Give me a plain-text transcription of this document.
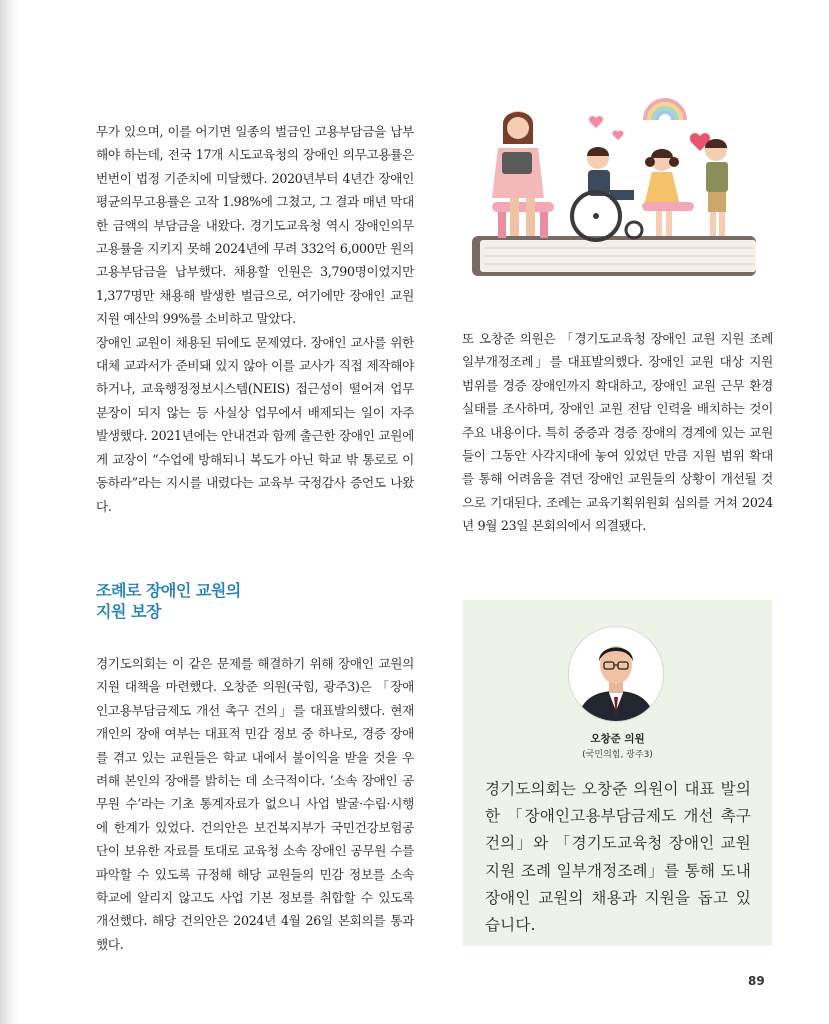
무가 있으며, 이를 어기면 일종의 벌금인 고용부담금을 납부해야 하는데, 전국 17개 시도교육청의 장애인 의무고용률은 번번이 법정 기준치에 미달했다. 2020년부터 4년간 장애인평균의무고용률은 고작 1.98%에 그쳤고, 그 결과 매년 막대한 금액의 부담금을 내왔다. 경기도교육청 역시 장애인의무고용률을 지키지 못해 2024년에 무려 332억 6,000만 원의 고용부담금을 납부했다. 채용할 인원은 3,790명이었지만 1,377명만 채용해 발생한 벌금으로, 여기에만 장애인 교원 지원 예산의 99%를 소비하고 말았다.

장애인 교원이 채용된 뒤에도 문제였다. 장애인 교사를 위한 대체 교과서가 준비돼 있지 않아 이를 교사가 직접 제작해야 하거나, 교육행정정보시스템(NEIS) 접근성이 떨어져 업무 분장이 되지 않는 등 사실상 업무에서 배제되는 일이 자주 발생했다. 2021년에는 안내견과 함께 출근한 장애인 교원에게 교장이 “수업에 방해되니 복도가 아닌 학교 밖 통로로 이동하라”라는 지시를 내렸다는 교육부 국정감사 증언도 나왔다.

또 오창준 의원은 「경기도교육청 장애인 교원 지원 조례 일부개정조례」를 대표발의했다. 장애인 교원 대상 지원 범위를 경증 장애인까지 확대하고, 장애인 교원 근무 환경 실태를 조사하며, 장애인 교원 전담 인력을 배치하는 것이 주요 내용이다. 특히 중증과 경증 장애의 경계에 있는 교원들이 그동안 사각지대에 놓여 있었던 만큼 지원 범위 확대를 통해 어려움을 겪던 장애인 교원들의 상황이 개선될 것으로 기대된다. 조례는 교육기획위원회 심의를 거쳐 2024년 9월 23일 본회의에서 의결됐다.

조례로 장애인 교원의
지원 보장

경기도의회는 이 같은 문제를 해결하기 위해 장애인 교원의 지원 대책을 마련했다. 오창준 의원(국힘, 광주3)은 「장애인고용부담금제도 개선 촉구 건의」를 대표발의했다. 현재 개인의 장애 여부는 대표적 민감 정보 중 하나로, 경증 장애를 겪고 있는 교원들은 학교 내에서 불이익을 받을 것을 우려해 본인의 장애를 밝히는 데 소극적이다. ‘소속 장애인 공무원 수’라는 기초 통계자료가 없으니 사업 발굴·수립·시행에 한계가 있었다. 건의안은 보건복지부가 국민건강보험공단이 보유한 자료를 토대로 교육청 소속 장애인 공무원 수를 파악할 수 있도록 규정해 해당 교원들의 민감 정보를 소속 학교에 알리지 않고도 사업 기본 정보를 취합할 수 있도록 개선했다. 해당 건의안은 2024년 4월 26일 본회의를 통과했다.

오창준 의원
(국민의힘, 광주3)

경기도의회는 오창준 의원이 대표 발의한 「장애인고용부담금제도 개선 촉구 건의」와 「경기도교육청 장애인 교원 지원 조례 일부개정조례」를 통해 도내 장애인 교원의 채용과 지원을 돕고 있습니다.

89
